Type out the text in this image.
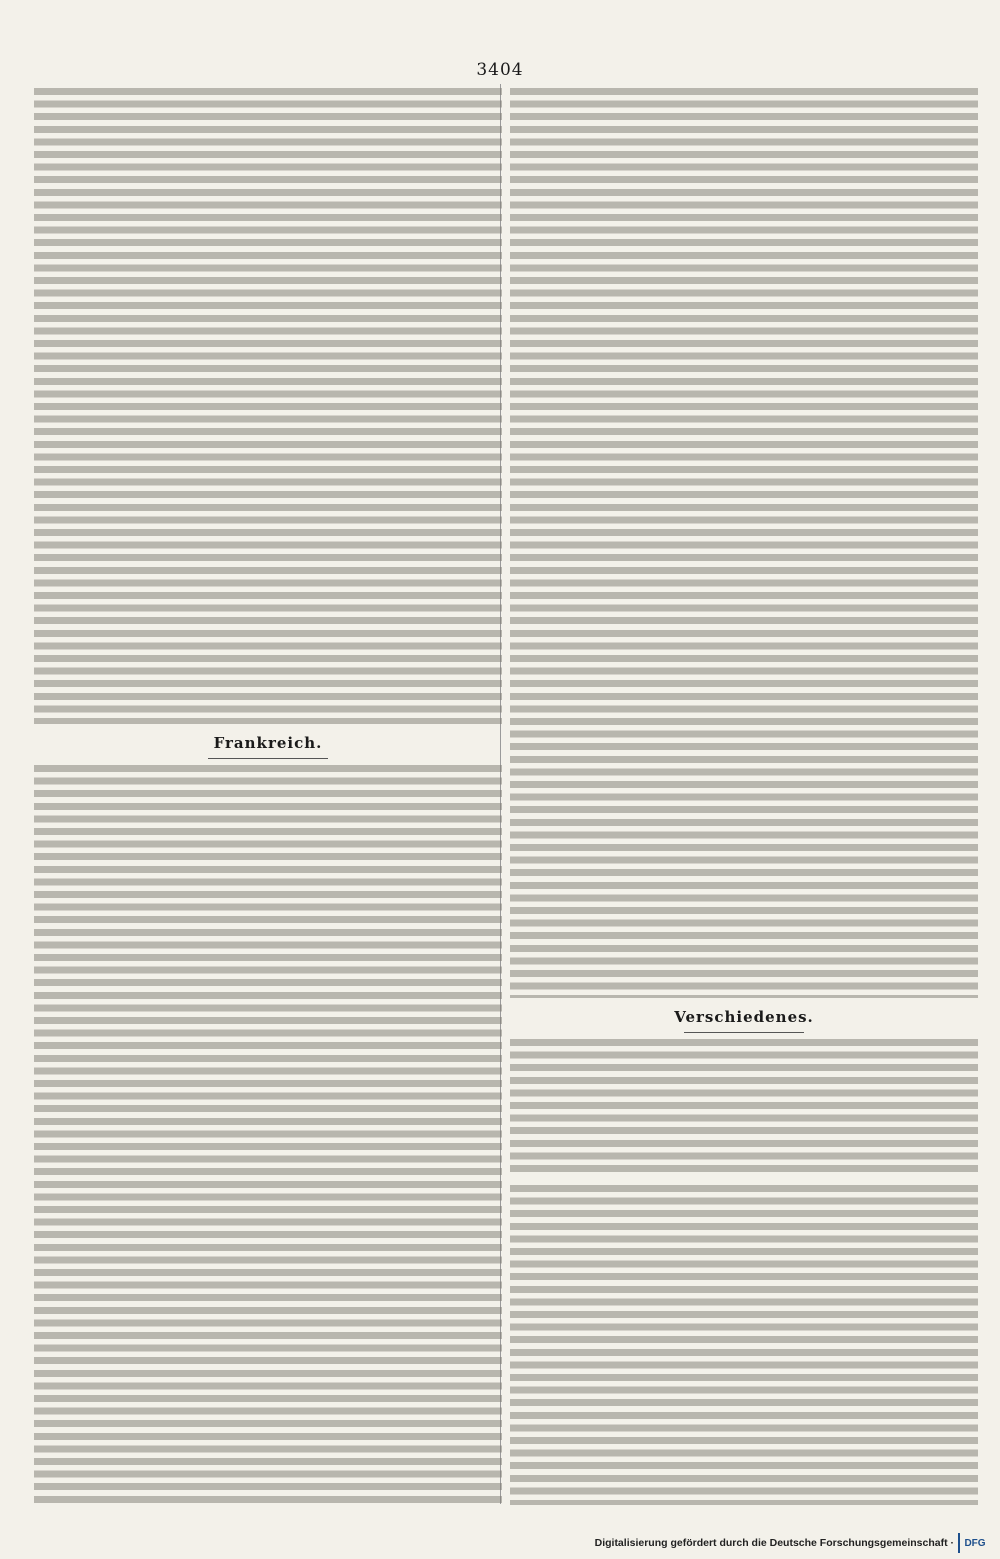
3404
Frankreich.
Verschiedenes.
Digitalisierung gefördert durch die Deutsche Forschungsgemeinschaft ·	DFG
